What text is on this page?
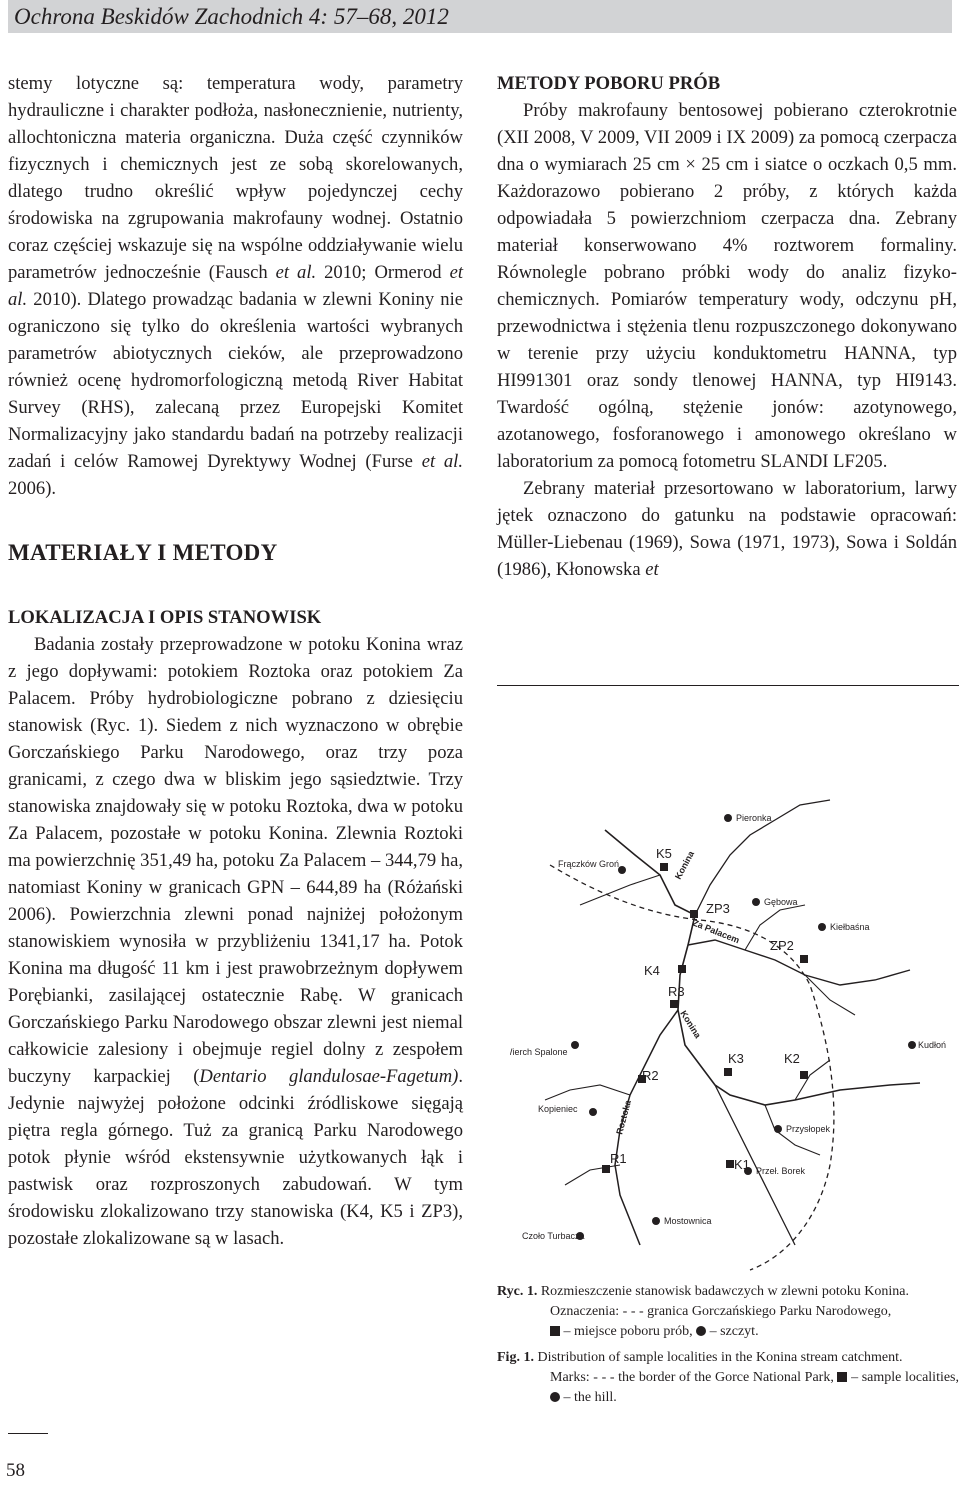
Ochrona Beskidów Zachodnich 4: 57–68, 2012

stemy lotyczne są: temperatura wody, parametry hydrauliczne i charakter podłoża, nasłonecznienie, nutrienty, allochtoniczna materia organiczna. Duża część czynników fizycznych i chemicznych jest ze sobą skorelowanych, dlatego trudno określić wpływ pojedynczej cechy środowiska na zgrupowania makrofauny wodnej. Ostatnio coraz częściej wskazuje się na wspólne oddziaływanie wielu parametrów jednocześnie (Fausch et al. 2010; Ormerod et al. 2010). Dlatego prowadząc badania w zlewni Koniny nie ograniczono się tylko do określenia wartości wybranych parametrów abiotycznych cieków, ale przeprowadzono również ocenę hydromorfologiczną metodą River Habitat Survey (RHS), zalecaną przez Europejski Komitet Normalizacyjny jako standardu badań na potrzeby realizacji zadań i celów Ramowej Dyrektywy Wodnej (Furse et al. 2006).

MATERIAŁY I METODY
LOKALIZACJA I OPIS STANOWISK

Badania zostały przeprowadzone w potoku Konina wraz z jego dopływami: potokiem Roztoka oraz potokiem Za Palacem. Próby hydrobiologiczne pobrano z dziesięciu stanowisk (Ryc. 1). Siedem z nich wyznaczono w obrębie Gorczańskiego Parku Narodowego, oraz trzy poza granicami, z czego dwa w bliskim jego sąsiedztwie. Trzy stanowiska znajdowały się w potoku Roztoka, dwa w potoku Za Palacem, pozostałe w potoku Konina. Zlewnia Roztoki ma powierzchnię 351,49 ha, potoku Za Palacem – 344,79 ha, natomiast Koniny w granicach GPN – 644,89 ha (Różański 2006). Powierzchnia zlewni ponad najniżej położonym stanowiskiem wynosiła w przybliżeniu 1341,17 ha. Potok Konina ma długość 11 km i jest prawobrzeżnym dopływem Porębianki, zasilającej ostatecznie Rabę. W granicach Gorczańskiego Parku Narodowego obszar zlewni jest niemal całkowicie zalesiony i obejmuje regiel dolny z zespołem buczyny karpackiej (Dentario glandulosae-Fagetum). Jedynie najwyżej położone odcinki źródliskowe sięgają piętra regla górnego. Tuż za granicą Parku Narodowego potok płynie wśród ekstensywnie użytkowanych łąk i pastwisk oraz rozproszonych zabudowań. W tym środowisku zlokalizowano trzy stanowiska (K4, K5 i ZP3), pozostałe zlokalizowane są w lasach.

METODY POBORU PRÓB

Próby makrofauny bentosowej pobierano czterokrotnie (XII 2008, V 2009, VII 2009 i IX 2009) za pomocą czerpacza dna o wymiarach 25 cm × 25 cm i siatce o oczkach 0,5 mm. Każdorazowo pobierano 2 próby, z których każda odpowiadała 5 powierzchniom czerpacza dna. Zebrany materiał konserwowano 4% roztworem formaliny. Równolegle pobrano próbki wody do analiz fizyko-chemicznych. Pomiarów temperatury wody, odczynu pH, przewodnictwa i stężenia tlenu rozpuszczonego dokonywano w terenie przy użyciu konduktometru HANNA, typ HI991301 oraz sondy tlenowej HANNA, typ HI9143. Twardość ogólną, stężenie jonów: azotynowego, azotanowego, fosforanowego i amonowego określano w laboratorium za pomocą fotometru SLANDI LF205.

Zebrany materiał przesortowano w laboratorium, larwy jętek oznaczono do gatunku na podstawie opracowań: Müller-Liebenau (1969), Sowa (1971, 1973), Sowa i Soldán (1986), Kłonowska et

Pieronka
Frączków Groń
Gębowa
Kiełbaśna
Wierch Spalone
Kudłoń
Kopieniec
Przysłopek
Przeł. Borek
Mostownica
Czoło Turbacza
K5
ZP3
ZP2
K4
R3
K3	K2
R2
R1	K1
Konina
Za Palacem
Konina
Roztoka
Ryc. 1. Rozmieszczenie stanowisk badawczych w zlewni potoku Konina.
Oznaczenia: - - - granica Gorczańskiego Parku Narodowego,
– miejsce poboru prób,  – szczyt.
Fig. 1. Distribution of sample localities in the Konina stream catchment.
Marks: - - - the border of the Gorce National Park,  – sample localities,  – the hill.
58
